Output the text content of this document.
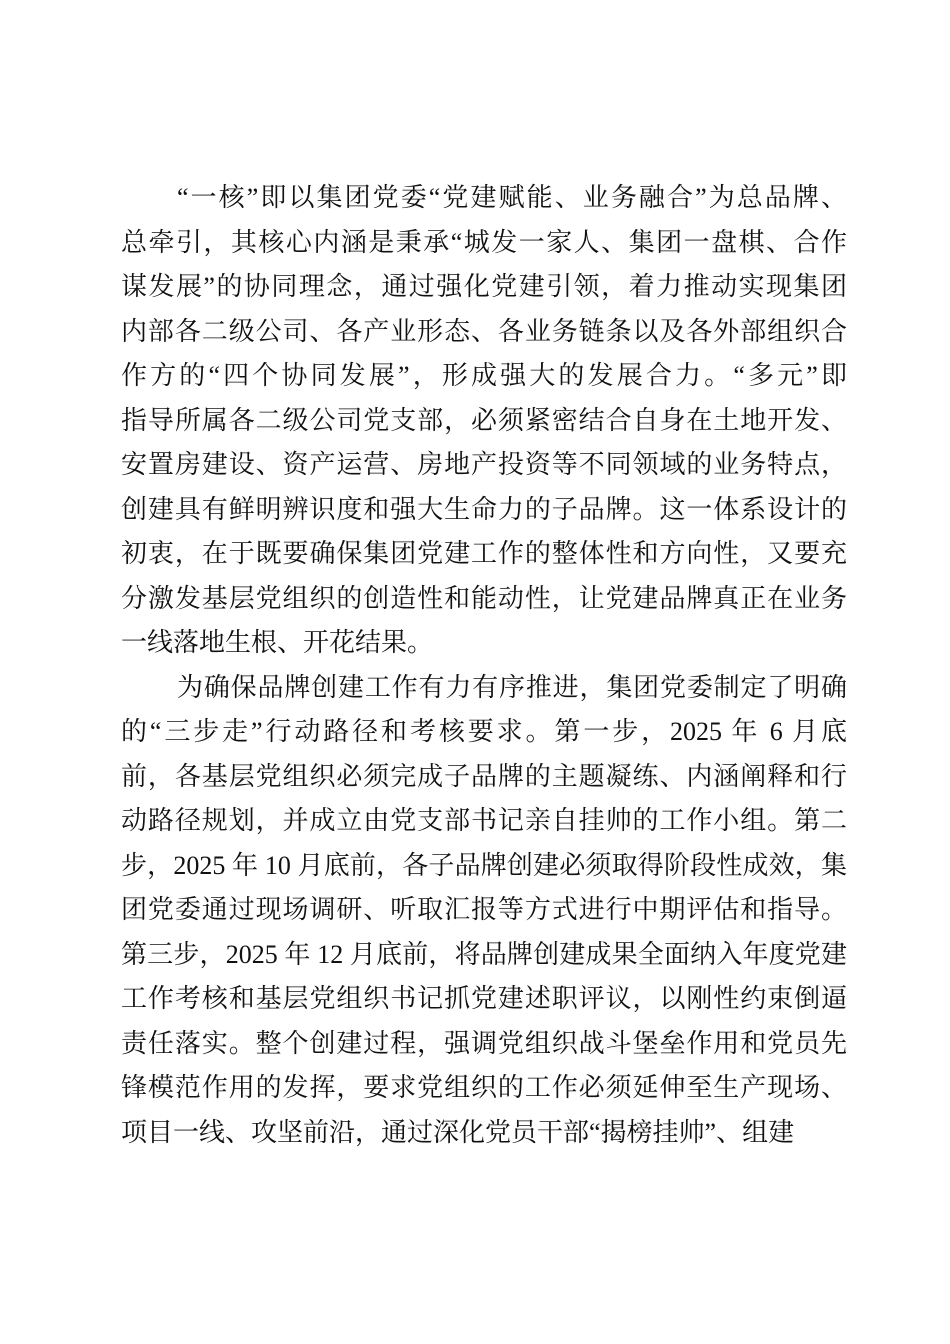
“一核”即以集团党委“党建赋能、业务融合”为总品牌、
总牵引，其核心内涵是秉承“城发一家人、集团一盘棋、合作
谋发展”的协同理念，通过强化党建引领，着力推动实现集团
内部各二级公司、各产业形态、各业务链条以及各外部组织合
作方的“四个协同发展”，形成强大的发展合力。“多元”即
指导所属各二级公司党支部，必须紧密结合自身在土地开发、
安置房建设、资产运营、房地产投资等不同领域的业务特点，
创建具有鲜明辨识度和强大生命力的子品牌。这一体系设计的
初衷，在于既要确保集团党建工作的整体性和方向性，又要充
分激发基层党组织的创造性和能动性，让党建品牌真正在业务
一线落地生根、开花结果。
为确保品牌创建工作有力有序推进，集团党委制定了明确
的“三步走”行动路径和考核要求。第一步，2025 年 6 月底
前，各基层党组织必须完成子品牌的主题凝练、内涵阐释和行
动路径规划，并成立由党支部书记亲自挂帅的工作小组。第二
步，2025 年 10 月底前，各子品牌创建必须取得阶段性成效，集
团党委通过现场调研、听取汇报等方式进行中期评估和指导。
第三步，2025 年 12 月底前，将品牌创建成果全面纳入年度党建
工作考核和基层党组织书记抓党建述职评议，以刚性约束倒逼
责任落实。整个创建过程，强调党组织战斗堡垒作用和党员先
锋模范作用的发挥，要求党组织的工作必须延伸至生产现场、
项目一线、攻坚前沿，通过深化党员干部“揭榜挂帅”、组建
